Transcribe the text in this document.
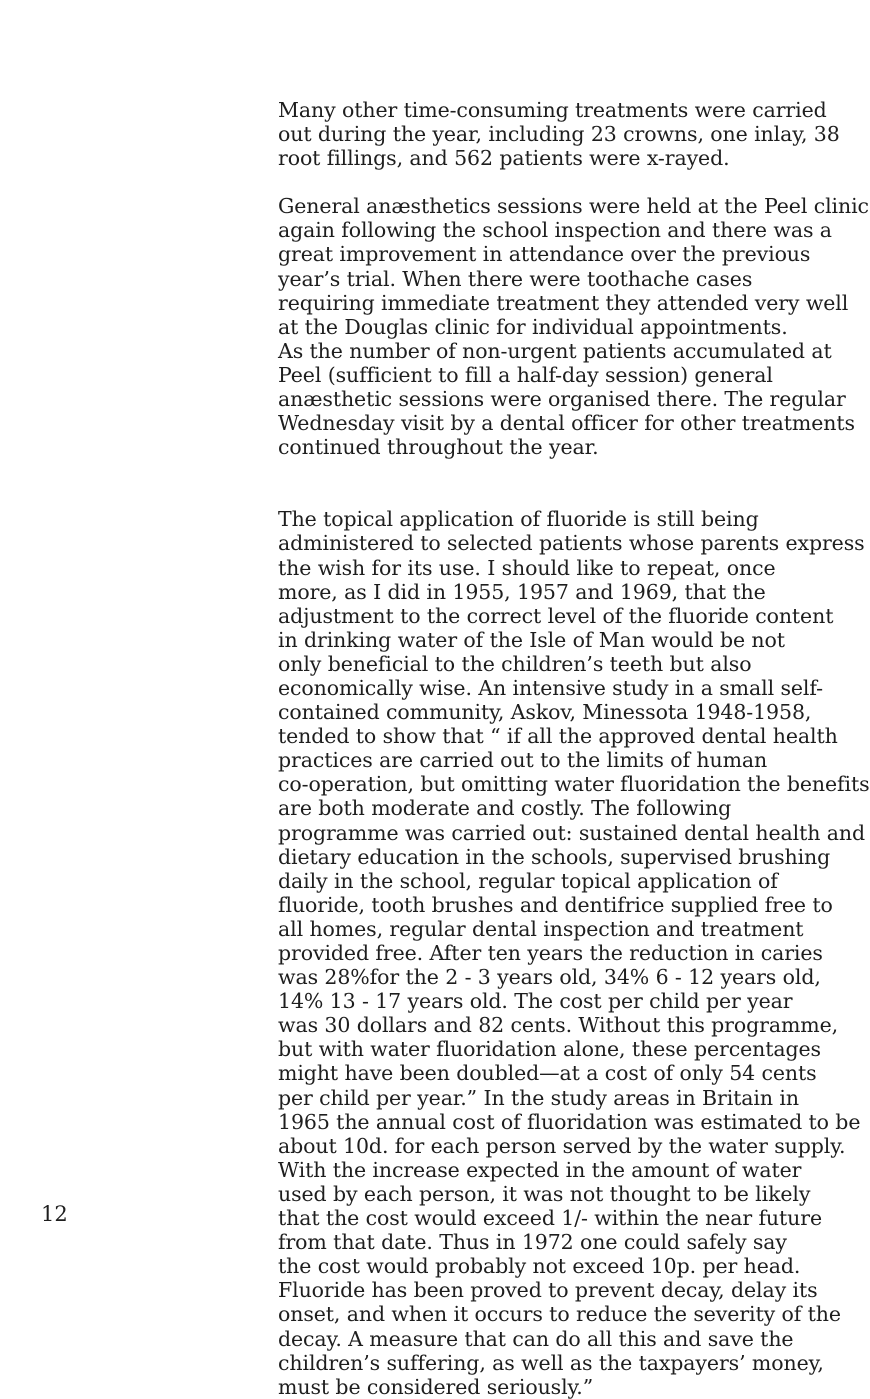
Many other time-consuming treatments were carried
out during the year, including 23 crowns, one inlay, 38
root fillings, and 562 patients were x-rayed.

General anæsthetics sessions were held at the Peel clinic
again following the school inspection and there was a
great improvement in attendance over the previous
year’s trial. When there were toothache cases
requiring immediate treatment they attended very well
at the Douglas clinic for individual appointments.
As the number of non-urgent patients accumulated at
Peel (sufficient to fill a half-day session) general
anæsthetic sessions were organised there. The regular
Wednesday visit by a dental officer for other treatments
continued throughout the year.

The topical application of fluoride is still being
administered to selected patients whose parents express
the wish for its use. I should like to repeat, once
more, as I did in 1955, 1957 and 1969, that the
adjustment to the correct level of the fluoride content
in drinking water of the Isle of Man would be not
only beneficial to the children’s teeth but also
economically wise. An intensive study in a small self-
contained community, Askov, Minessota 1948-1958,
tended to show that “ if all the approved dental health
practices are carried out to the limits of human
co-operation, but omitting water fluoridation the benefits
are both moderate and costly. The following
programme was carried out: sustained dental health and
dietary education in the schools, supervised brushing
daily in the school, regular topical application of
fluoride, tooth brushes and dentifrice supplied free to
all homes, regular dental inspection and treatment
provided free. After ten years the reduction in caries
was 28%for the 2 - 3 years old, 34% 6 - 12 years old,
14% 13 - 17 years old. The cost per child per year
was 30 dollars and 82 cents. Without this programme,
but with water fluoridation alone, these percentages
might have been doubled—at a cost of only 54 cents
per child per year.” In the study areas in Britain in
1965 the annual cost of fluoridation was estimated to be
about 10d. for each person served by the water supply.
With the increase expected in the amount of water
used by each person, it was not thought to be likely
that the cost would exceed 1/- within the near future
from that date. Thus in 1972 one could safely say
the cost would probably not exceed 10p. per head.
Fluoride has been proved to prevent decay, delay its
onset, and when it occurs to reduce the severity of the
decay. A measure that can do all this and save the
children’s suffering, as well as the taxpayers’ money,
must be considered seriously.”

12
